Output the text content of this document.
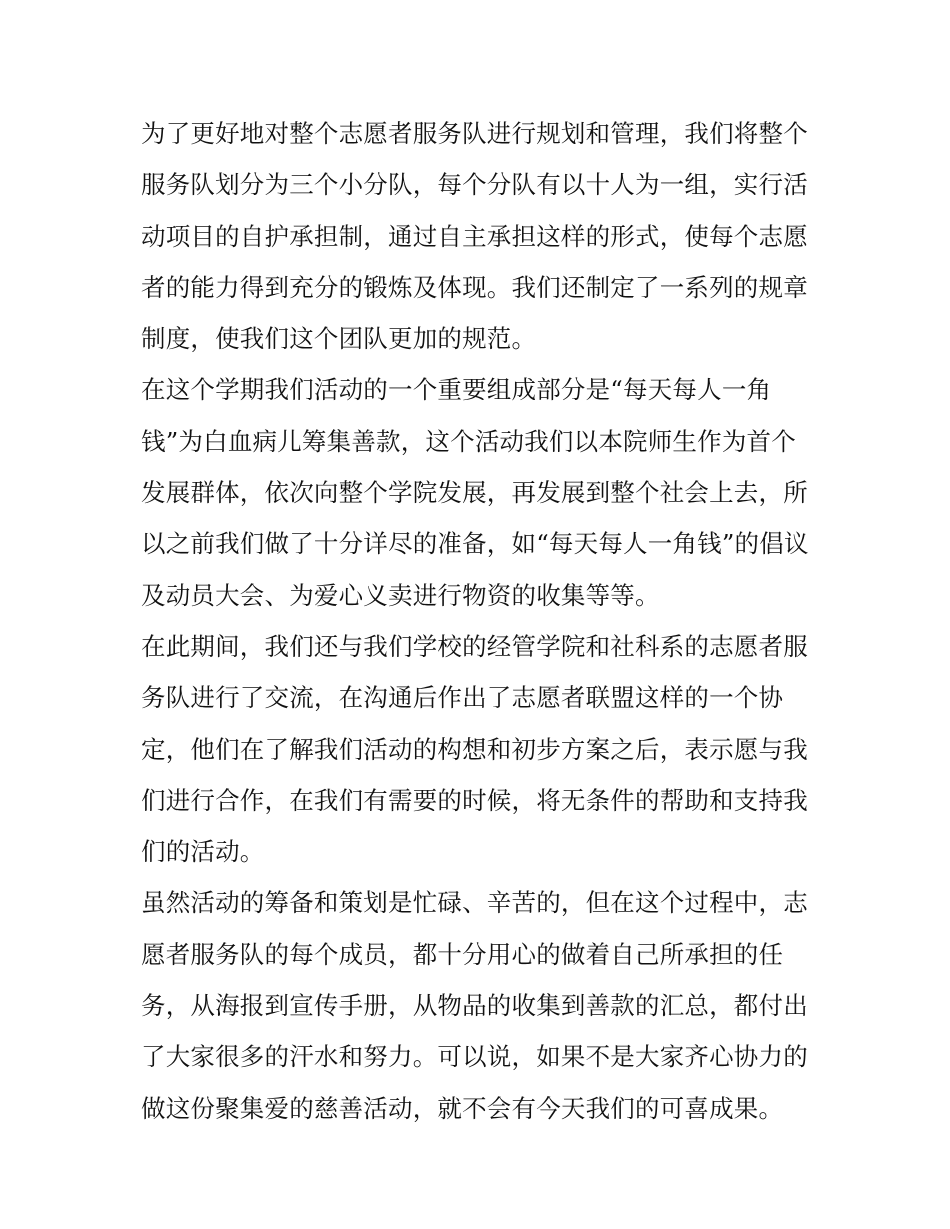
为了更好地对整个志愿者服务队进行规划和管理，我们将整个
服务队划分为三个小分队，每个分队有以十人为一组，实行活
动项目的自护承担制，通过自主承担这样的形式，使每个志愿
者的能力得到充分的锻炼及体现。我们还制定了一系列的规章
制度，使我们这个团队更加的规范。
在这个学期我们活动的一个重要组成部分是“每天每人一角
钱”为白血病儿筹集善款，这个活动我们以本院师生作为首个
发展群体，依次向整个学院发展，再发展到整个社会上去，所
以之前我们做了十分详尽的准备，如“每天每人一角钱”的倡议
及动员大会、为爱心义卖进行物资的收集等等。
在此期间，我们还与我们学校的经管学院和社科系的志愿者服
务队进行了交流，在沟通后作出了志愿者联盟这样的一个协
定，他们在了解我们活动的构想和初步方案之后，表示愿与我
们进行合作，在我们有需要的时候，将无条件的帮助和支持我
们的活动。
虽然活动的筹备和策划是忙碌、辛苦的，但在这个过程中，志
愿者服务队的每个成员，都十分用心的做着自己所承担的任
务，从海报到宣传手册，从物品的收集到善款的汇总，都付出
了大家很多的汗水和努力。可以说，如果不是大家齐心协力的
做这份聚集爱的慈善活动，就不会有今天我们的可喜成果。
